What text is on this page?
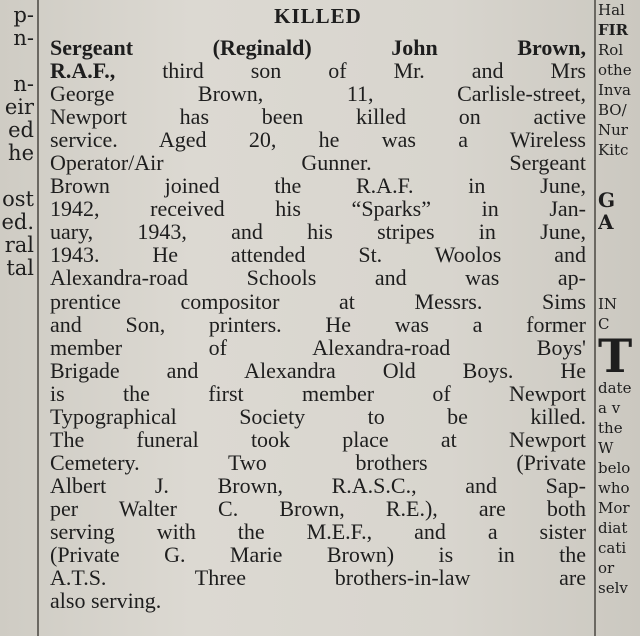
p-
n-
n-
eir
ed
he
ost
ed.
ral
tal
KILLED
Sergeant (Reginald) John Brown,
R.A.F., third son of Mr. and Mrs
George Brown, 11, Carlisle-street,
Newport has been killed on active
service. Aged 20, he was a Wireless
Operator/Air Gunner. Sergeant
Brown joined the R.A.F. in June,
1942, received his “Sparks” in Jan-
uary, 1943, and his stripes in June,
1943. He attended St. Woolos and
Alexandra-road Schools and was ap-
prentice compositor at Messrs. Sims
and Son, printers. He was a former
member of Alexandra-road Boys'
Brigade and Alexandra Old Boys. He
is the first member of Newport
Typographical Society to be killed.
The funeral took place at Newport
Cemetery. Two brothers (Private
Albert J. Brown, R.A.S.C., and Sap-
per Walter C. Brown, R.E.), are both
serving with the M.E.F., and a sister
(Private G. Marie Brown) is in the
A.T.S. Three brothers-in-law are
also serving.
Hal
FIR
Rol
othe
Inva
BO/
Nur
Kitc
G
A
IN
C
T
date
a v
the
W
belo
who
Mor
diat
cati
or
selv
